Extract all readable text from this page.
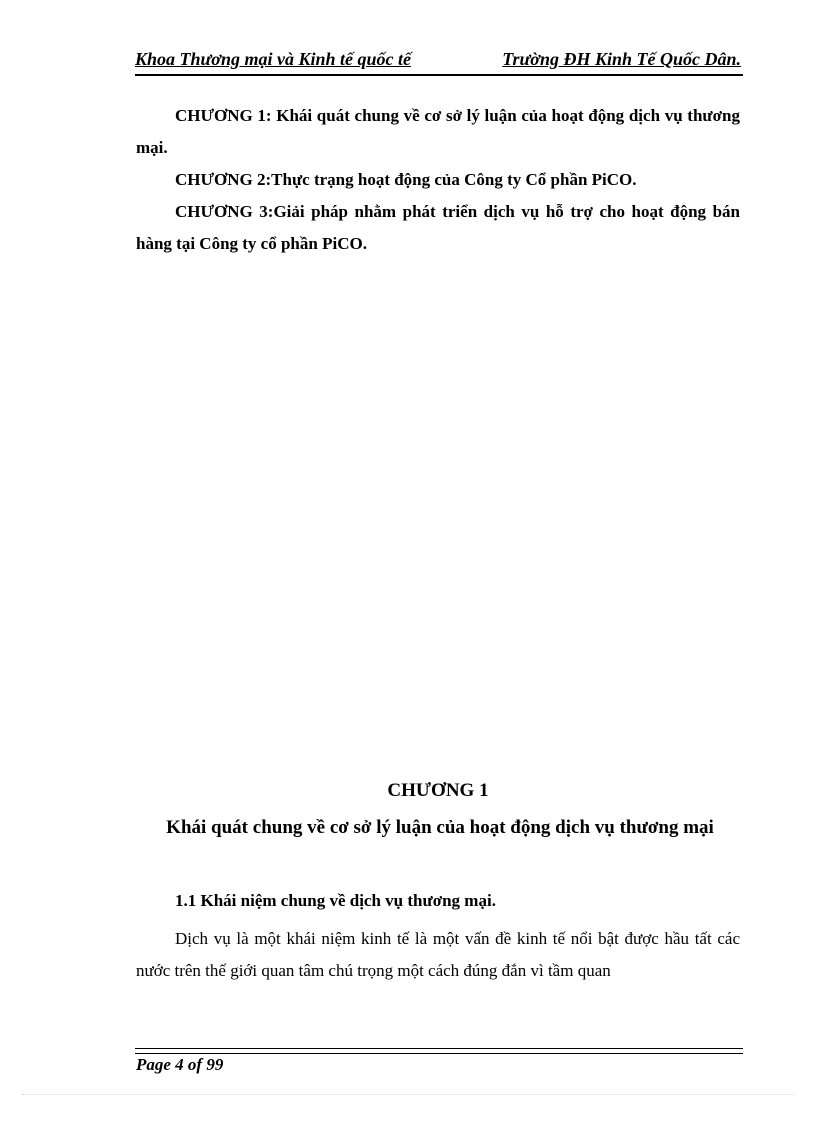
Khoa Thương mại và Kinh tế quốc tế	Trường ĐH Kinh Tế Quốc Dân.
CHƯƠNG 1: Khái quát chung về cơ sở lý luận của hoạt động dịch vụ thương mại.
CHƯƠNG 2:Thực trạng hoạt động của Công ty Cổ phần PiCO.
CHƯƠNG 3:Giải pháp nhằm phát triển dịch vụ hỗ trợ cho hoạt động bán hàng tại Công ty cổ phần PiCO.
CHƯƠNG 1
Khái quát chung về cơ sở lý luận của hoạt động dịch vụ thương mại
1.1 Khái niệm chung về dịch vụ thương mại.
Dịch vụ là một khái niệm kinh tế là một vấn đề kinh tế nổi bật được hầu tất các nước trên thế giới quan tâm chú trọng một cách đúng đắn vì tầm quan
Page 4 of 99
